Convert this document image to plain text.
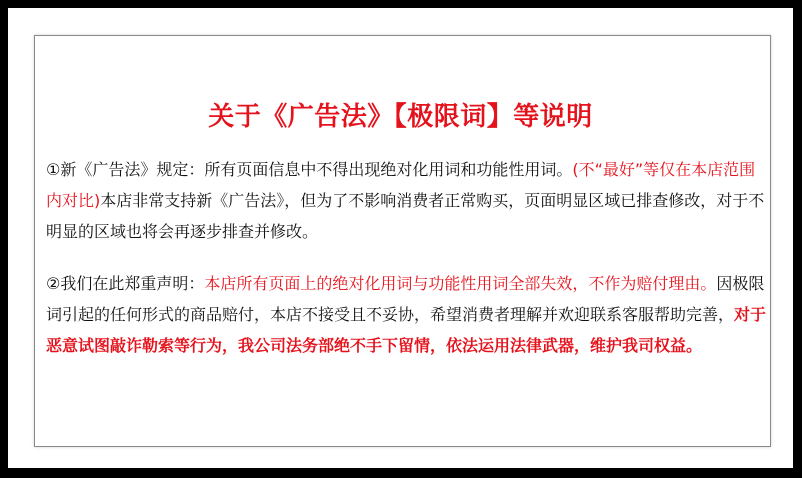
关于《广告法》【极限词】等说明
①新《广告法》规定：所有页面信息中不得出现绝对化用词和功能性用词。(不“最好”等仅在本店范围内对比)本店非常支持新《广告法》，但为了不影响消费者正常购买，页面明显区域已排查修改，对于不明显的区域也将会再逐步排查并修改。
②我们在此郑重声明：本店所有页面上的绝对化用词与功能性用词全部失效，不作为赔付理由。因极限词引起的任何形式的商品赔付，本店不接受且不妥协，希望消费者理解并欢迎联系客服帮助完善，对于恶意试图敲诈勒索等行为，我公司法务部绝不手下留情，依法运用法律武器，维护我司权益。
